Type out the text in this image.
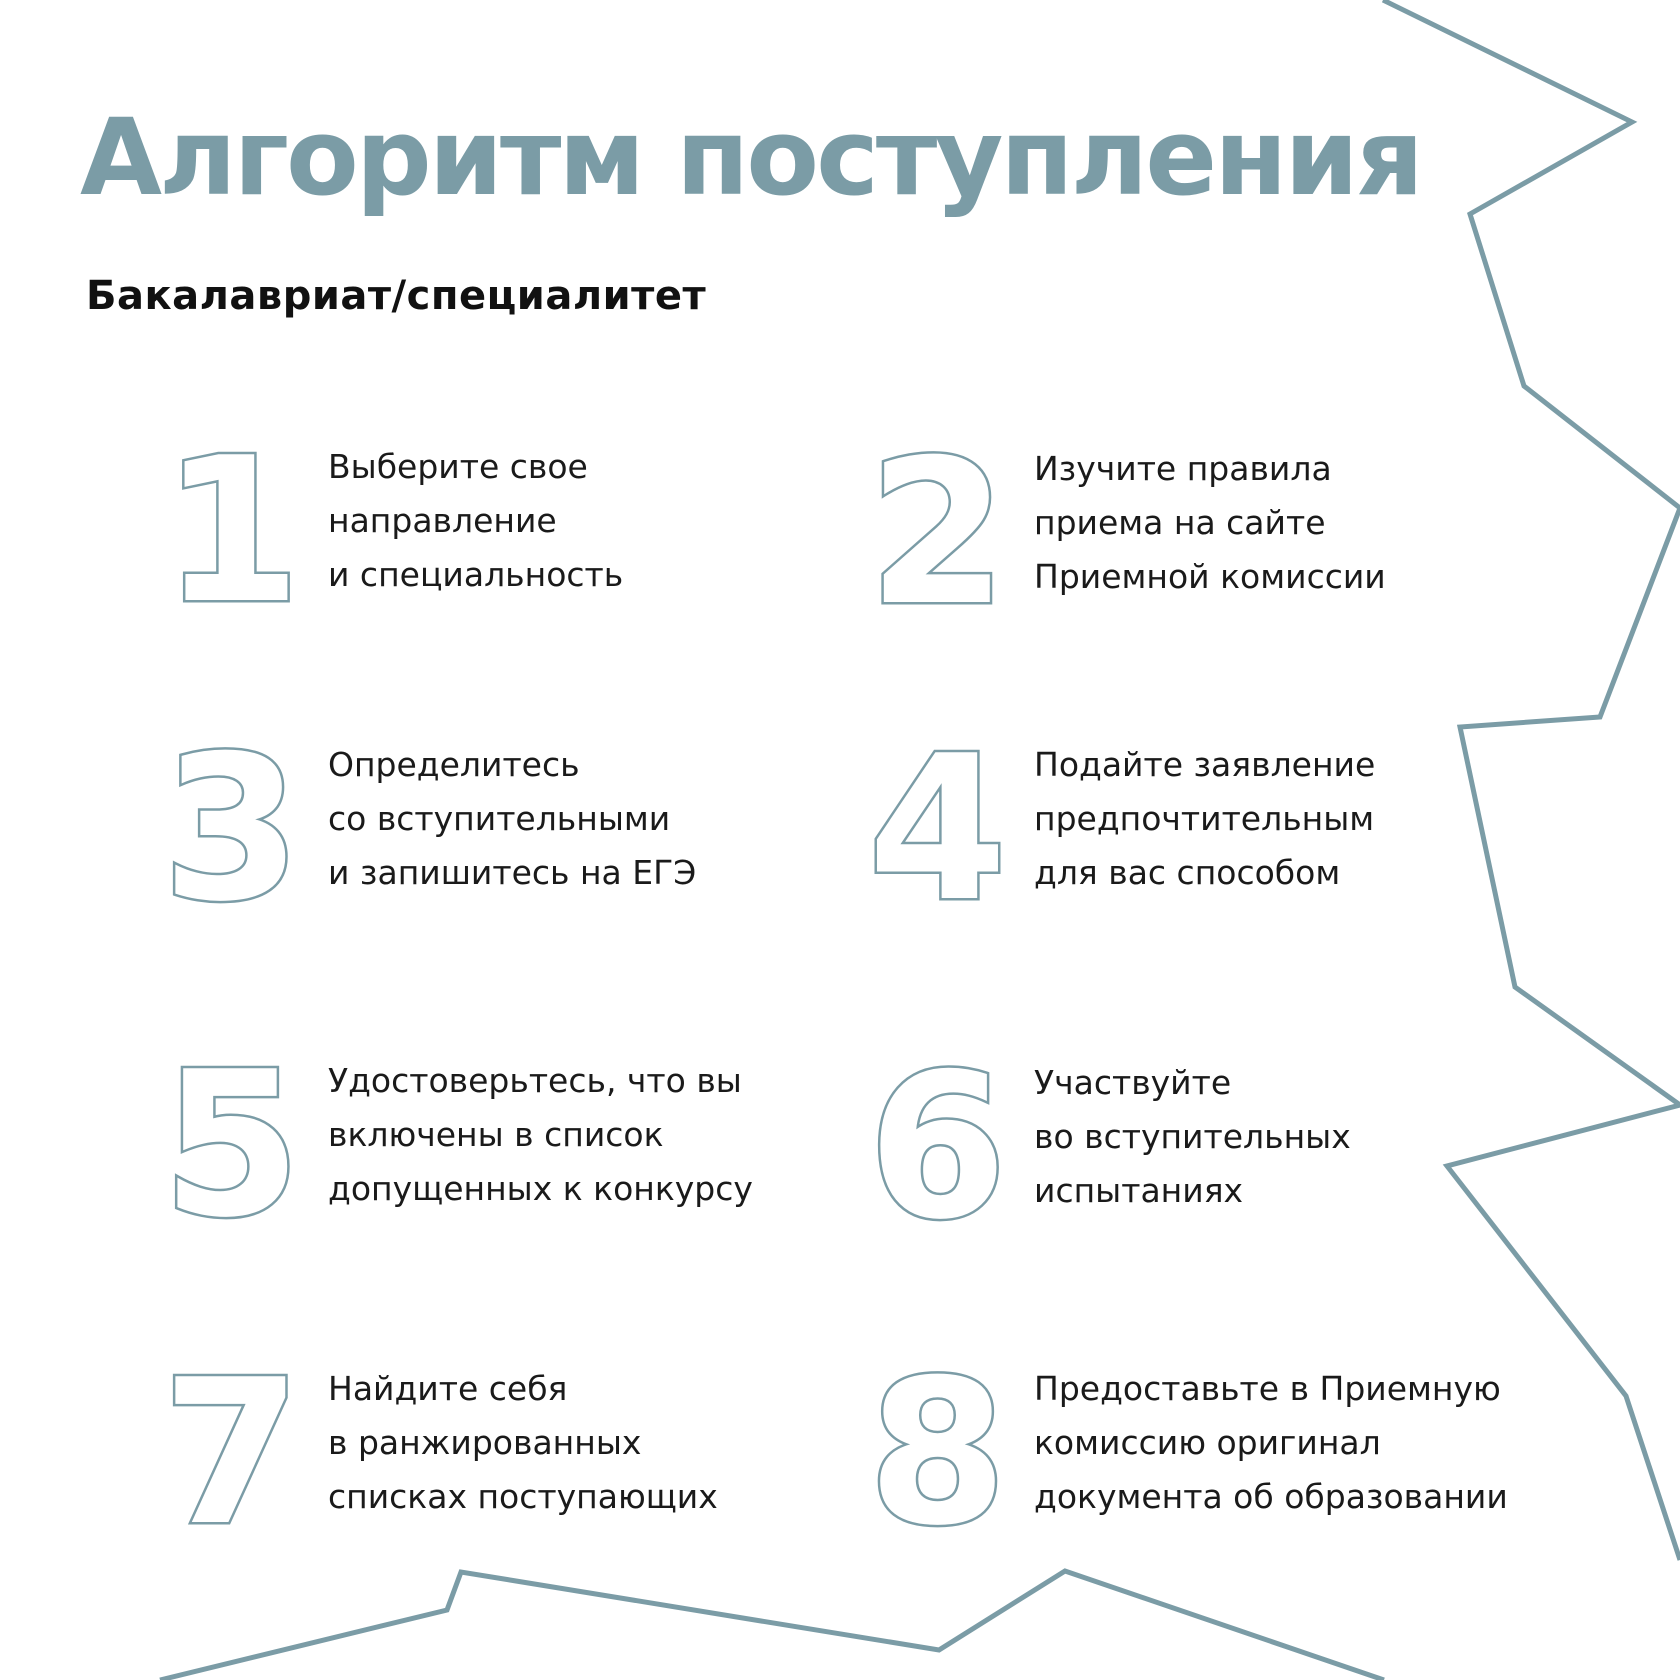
Алгоритм поступления
Бакалавриат/специалитет
1 Выберите свое
направление
и специальность	2 Изучите правила
приема на сайте
Приемной комиссии
3 Определитесь
со вступительными
и запишитесь на ЕГЭ 4 Подайте заявление
предпочтительным
для вас способом
5 Удостоверьтесь, что вы
включены в список
допущенных к конкурсу 6 Участвуйте
во вступительных
испытаниях
7 Найдите себя
в ранжированных
списках поступающих 8 Предоставьте в Приемную
комиссию оригинал
документа об образовании
